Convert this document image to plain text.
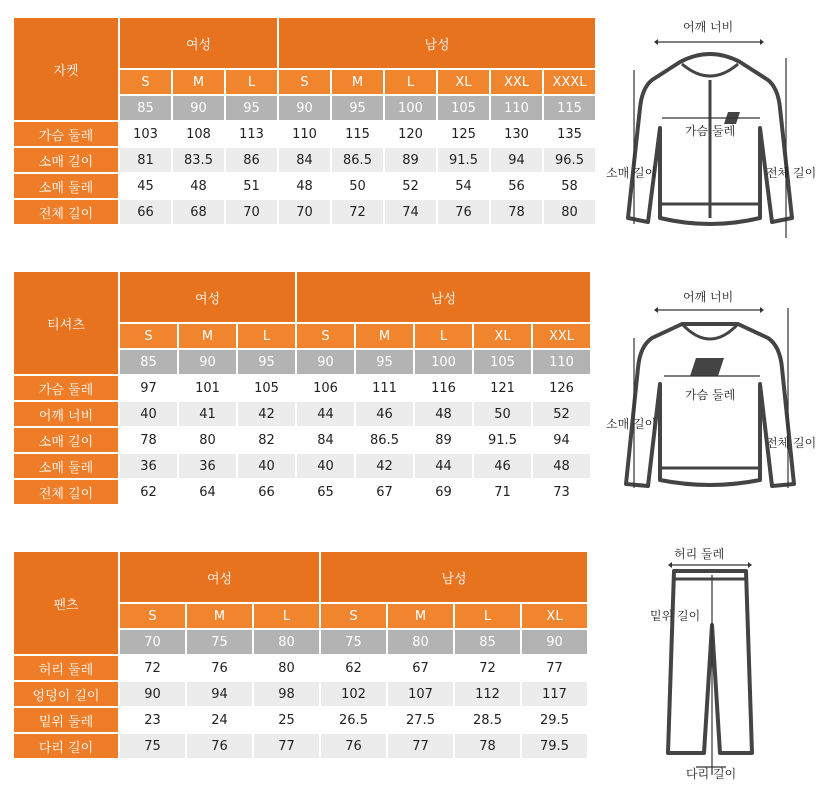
자켓	여성			남성					
	S	M	L	S	M	L	XL	XXL	XXXL
	85	90	95	90	95	100	105	110	115
가슴 둘레	103	108	113	110	115	120	125	130	135
소매 길이	81	83.5	86	84	86.5	89	91.5	94	96.5
소매 둘레	45	48	51	48	50	52	54	56	58
전체 길이	66	68	70	70	72	74	76	78	80
티셔츠	여성			남성				
	S	M	L	S	M	L	XL	XXL
	85	90	95	90	95	100	105	110
가슴 둘레	97	101	105	106	111	116	121	126
어깨 너비	40	41	42	44	46	48	50	52
소매 길이	78	80	82	84	86.5	89	91.5	94
소매 둘레	36	36	40	40	42	44	46	48
전체 길이	62	64	66	65	67	69	71	73
팬츠	여성			남성			
	S	M	L	S	M	L	XL
	70	75	80	75	80	85	90
허리 둘레	72	76	80	62	67	72	77
엉덩이 길이	90	94	98	102	107	112	117
밑위 둘레	23	24	25	26.5	27.5	28.5	29.5
다리 길이	75	76	77	76	77	78	79.5
어깨 너비
가슴 둘레
소매 길이	전체 길이
어깨 너비
가슴 둘레
소매 길이
전체 길이
허리 둘레
밑위 길이
다리 길이
